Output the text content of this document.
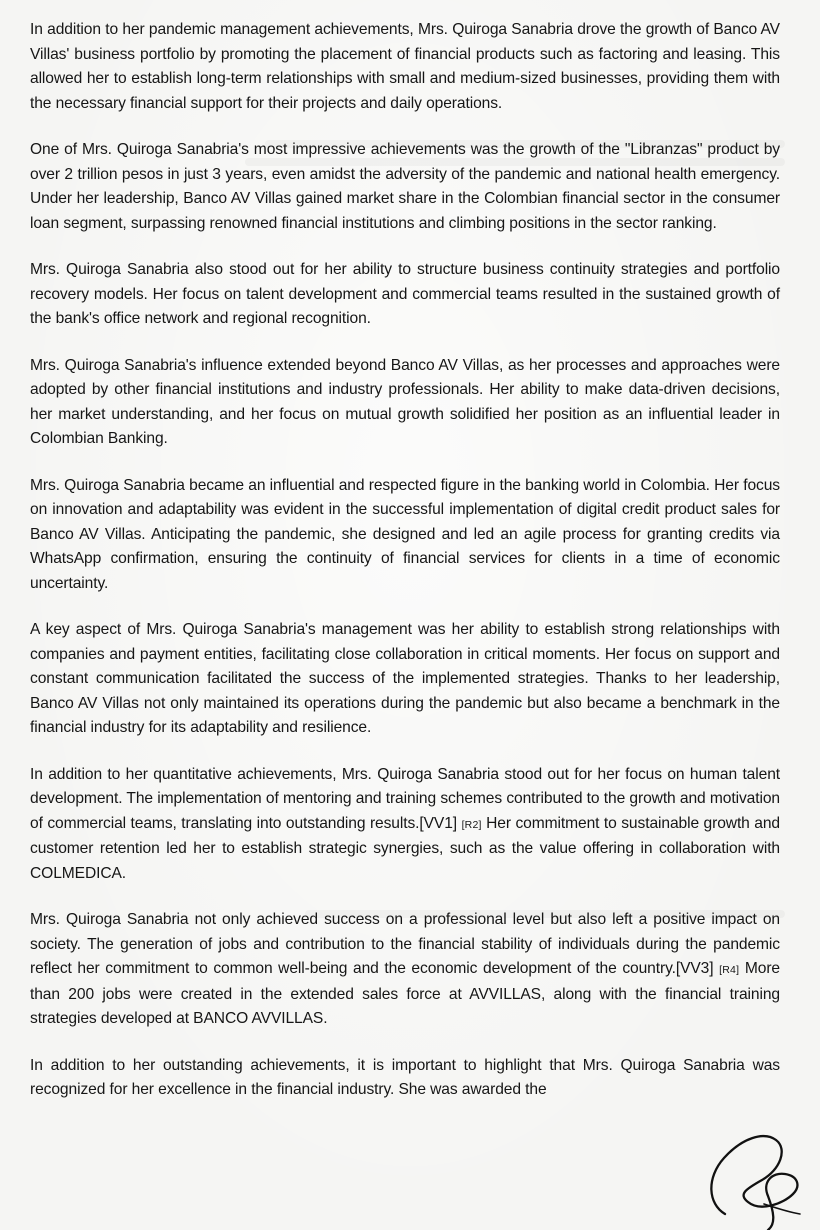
In addition to her pandemic management achievements, Mrs. Quiroga Sanabria drove the growth of Banco AV Villas' business portfolio by promoting the placement of financial products such as factoring and leasing. This allowed her to establish long-term relationships with small and medium-sized businesses, providing them with the necessary financial support for their projects and daily operations.

One of Mrs. Quiroga Sanabria's most impressive achievements was the growth of the "Libranzas" product by over 2 trillion pesos in just 3 years, even amidst the adversity of the pandemic and national health emergency. Under her leadership, Banco AV Villas gained market share in the Colombian financial sector in the consumer loan segment, surpassing renowned financial institutions and climbing positions in the sector ranking.

Mrs. Quiroga Sanabria also stood out for her ability to structure business continuity strategies and portfolio recovery models. Her focus on talent development and commercial teams resulted in the sustained growth of the bank's office network and regional recognition.

Mrs. Quiroga Sanabria's influence extended beyond Banco AV Villas, as her processes and approaches were adopted by other financial institutions and industry professionals. Her ability to make data-driven decisions, her market understanding, and her focus on mutual growth solidified her position as an influential leader in Colombian Banking.

Mrs. Quiroga Sanabria became an influential and respected figure in the banking world in Colombia. Her focus on innovation and adaptability was evident in the successful implementation of digital credit product sales for Banco AV Villas. Anticipating the pandemic, she designed and led an agile process for granting credits via WhatsApp confirmation, ensuring the continuity of financial services for clients in a time of economic uncertainty.

A key aspect of Mrs. Quiroga Sanabria's management was her ability to establish strong relationships with companies and payment entities, facilitating close collaboration in critical moments. Her focus on support and constant communication facilitated the success of the implemented strategies. Thanks to her leadership, Banco AV Villas not only maintained its operations during the pandemic but also became a benchmark in the financial industry for its adaptability and resilience.

In addition to her quantitative achievements, Mrs. Quiroga Sanabria stood out for her focus on human talent development. The implementation of mentoring and training schemes contributed to the growth and motivation of commercial teams, translating into outstanding results.[VV1] [R2] Her commitment to sustainable growth and customer retention led her to establish strategic synergies, such as the value offering in collaboration with COLMEDICA.

Mrs. Quiroga Sanabria not only achieved success on a professional level but also left a positive impact on society. The generation of jobs and contribution to the financial stability of individuals during the pandemic reflect her commitment to common well-being and the economic development of the country.[VV3] [R4] More than 200 jobs were created in the extended sales force at AVVILLAS, along with the financial training strategies developed at BANCO AVVILLAS.

In addition to her outstanding achievements, it is important to highlight that Mrs. Quiroga Sanabria was recognized for her excellence in the financial industry. She was awarded the
